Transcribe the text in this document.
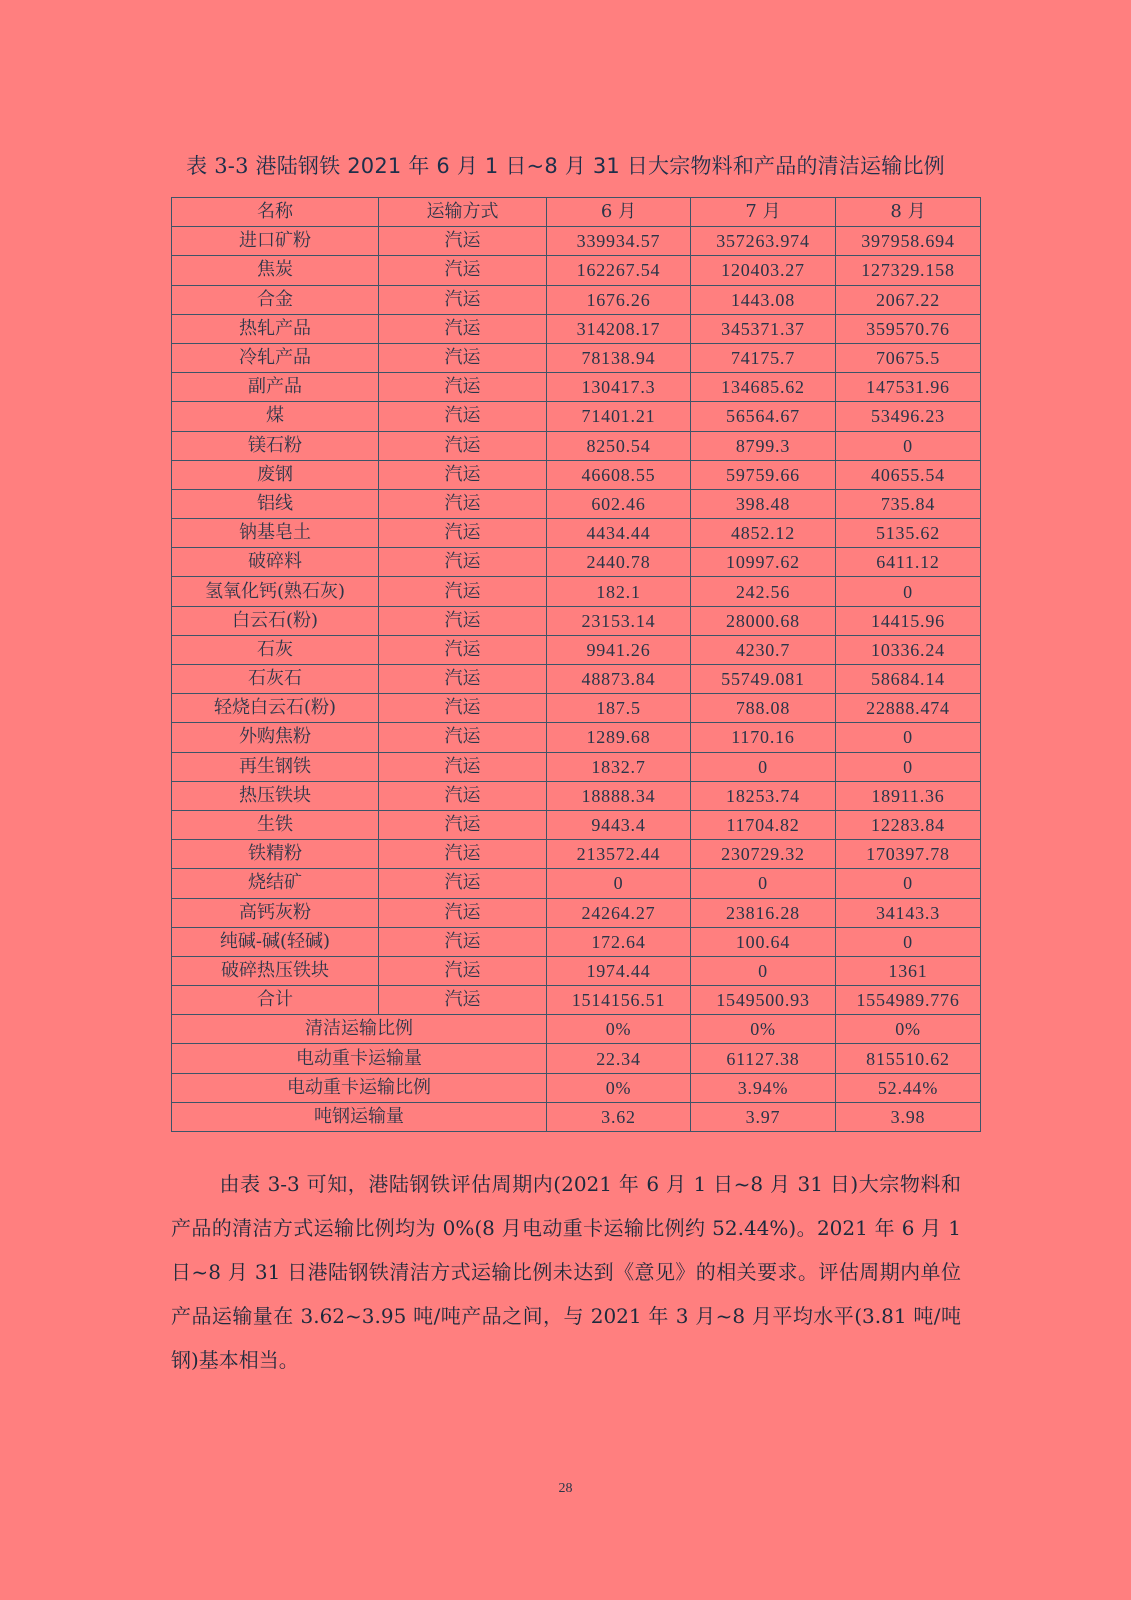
表 3-3 港陆钢铁 2021 年 6 月 1 日~8 月 31 日大宗物料和产品的清洁运输比例
名称	运输方式	6 月	7 月	8 月
进口矿粉	汽运	339934.57	357263.974	397958.694
焦炭	汽运	162267.54	120403.27	127329.158
合金	汽运	1676.26	1443.08	2067.22
热轧产品	汽运	314208.17	345371.37	359570.76
冷轧产品	汽运	78138.94	74175.7	70675.5
副产品	汽运	130417.3	134685.62	147531.96
煤	汽运	71401.21	56564.67	53496.23
镁石粉	汽运	8250.54	8799.3	0
废钢	汽运	46608.55	59759.66	40655.54
铝线	汽运	602.46	398.48	735.84
钠基皂土	汽运	4434.44	4852.12	5135.62
破碎料	汽运	2440.78	10997.62	6411.12
氢氧化钙(熟石灰)	汽运	182.1	242.56	0
白云石(粉)	汽运	23153.14	28000.68	14415.96
石灰	汽运	9941.26	4230.7	10336.24
石灰石	汽运	48873.84	55749.081	58684.14
轻烧白云石(粉)	汽运	187.5	788.08	22888.474
外购焦粉	汽运	1289.68	1170.16	0
再生钢铁	汽运	1832.7	0	0
热压铁块	汽运	18888.34	18253.74	18911.36
生铁	汽运	9443.4	11704.82	12283.84
铁精粉	汽运	213572.44	230729.32	170397.78
烧结矿	汽运	0	0	0
高钙灰粉	汽运	24264.27	23816.28	34143.3
纯碱-碱(轻碱)	汽运	172.64	100.64	0
破碎热压铁块	汽运	1974.44	0	1361
合计	汽运	1514156.51	1549500.93	1554989.776
清洁运输比例		0%	0%	0%
电动重卡运输量		22.34	61127.38	815510.62
电动重卡运输比例		0%	3.94%	52.44%
吨钢运输量		3.62	3.97	3.98

由表 3-3 可知，港陆钢铁评估周期内(2021 年 6 月 1 日~8 月 31 日)大宗物料和产品的清洁方式运输比例均为 0%(8 月电动重卡运输比例约 52.44%)。2021 年 6 月 1 日~8 月 31 日港陆钢铁清洁方式运输比例未达到《意见》的相关要求。评估周期内单位产品运输量在 3.62~3.95 吨/吨产品之间，与 2021 年 3 月~8 月平均水平(3.81 吨/吨钢)基本相当。

28
